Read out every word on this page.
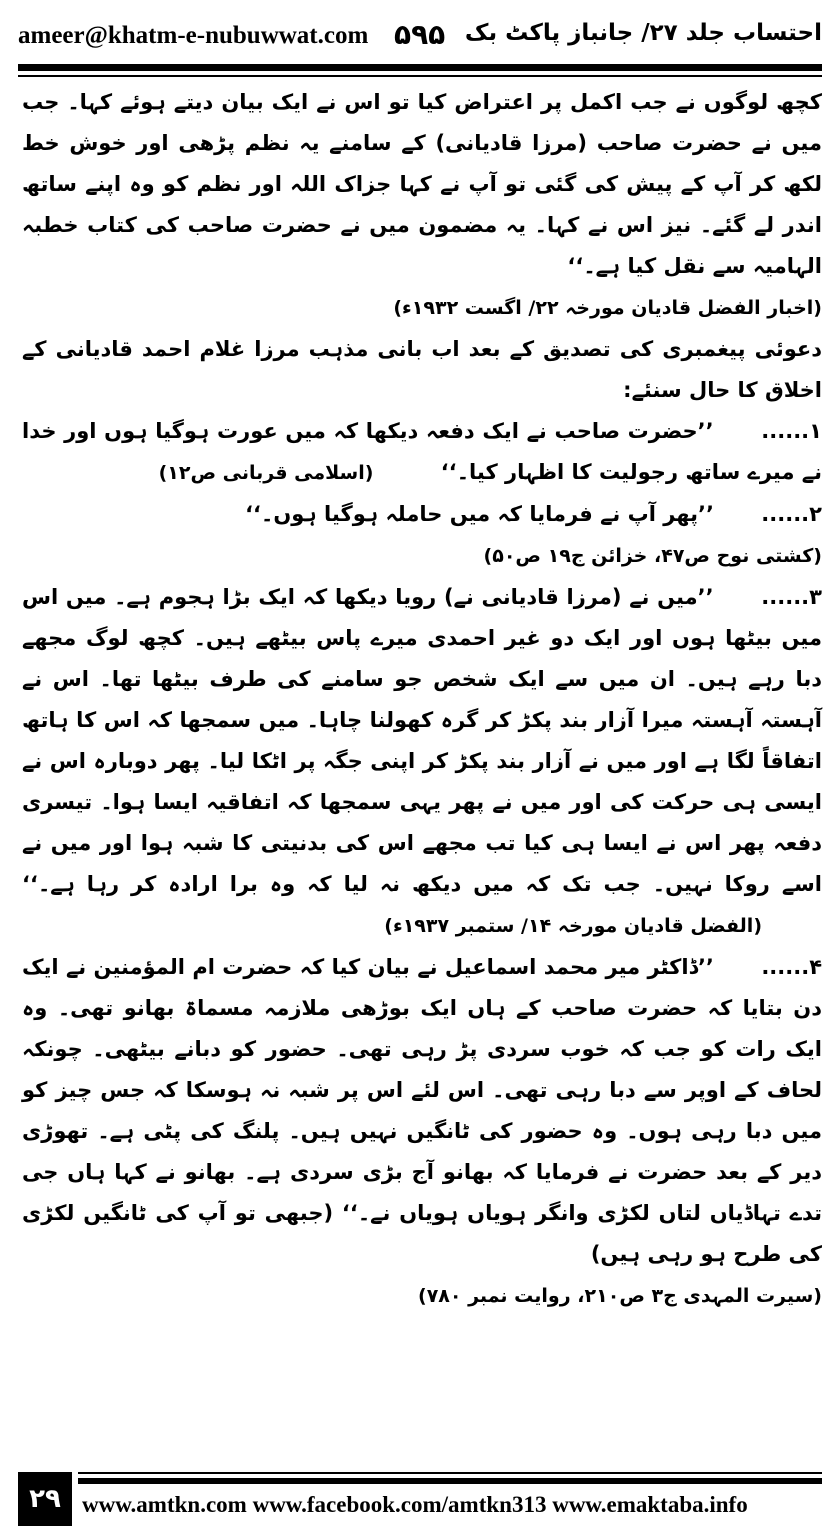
ameer@khatm-e-nubuwwat.com ۵۹۵ احتساب جلد ۲۷/ جانباز پاکٹ بک

کچھ لوگوں نے جب اکمل پر اعتراض کیا تو اس نے ایک بیان دیتے ہوئے کہا۔ جب میں نے حضرت صاحب (مرزا قادیانی) کے سامنے یہ نظم پڑھی اور خوش خط لکھ کر آپ کے پیش کی گئی تو آپ نے کہا جزاک اللہ اور نظم کو وہ اپنے ساتھ اندر لے گئے۔ نیز اس نے کہا۔ یہ مضمون میں نے حضرت صاحب کی کتاب خطبہ الہامیہ سے نقل کیا ہے۔‘‘

(اخبار الفضل قادیان مورخہ ۲۲/ اگست ۱۹۳۲ء)

دعوئی پیغمبری کی تصدیق کے بعد اب بانی مذہب مرزا غلام احمد قادیانی کے اخلاق کا حال سنئے:

۱...... ’’حضرت صاحب نے ایک دفعہ دیکھا کہ میں عورت ہوگیا ہوں اور خدا نے میرے ساتھ رجولیت کا اظہار کیا۔‘‘ (اسلامی قربانی ص۱۲)

۲...... ’’پھر آپ نے فرمایا کہ میں حاملہ ہوگیا ہوں۔‘‘

(کشتی نوح ص۴۷، خزائن ج۱۹ ص۵۰)

۳...... ’’میں نے (مرزا قادیانی نے) رویا دیکھا کہ ایک بڑا ہجوم ہے۔ میں اس میں بیٹھا ہوں اور ایک دو غیر احمدی میرے پاس بیٹھے ہیں۔ کچھ لوگ مجھے دبا رہے ہیں۔ ان میں سے ایک شخص جو سامنے کی طرف بیٹھا تھا۔ اس نے آہستہ آہستہ میرا آزار بند پکڑ کر گرہ کھولنا چاہا۔ میں سمجھا کہ اس کا ہاتھ اتفاقاً لگا ہے اور میں نے آزار بند پکڑ کر اپنی جگہ پر اٹکا لیا۔ پھر دوبارہ اس نے ایسی ہی حرکت کی اور میں نے پھر یہی سمجھا کہ اتفاقیہ ایسا ہوا۔ تیسری دفعہ پھر اس نے ایسا ہی کیا تب مجھے اس کی بدنیتی کا شبہ ہوا اور میں نے اسے روکا نہیں۔ جب تک کہ میں دیکھ نہ لیا کہ وہ برا ارادہ کر رہا ہے۔‘‘ (الفضل قادیان مورخہ ۱۴/ ستمبر ۱۹۳۷ء)

۴...... ’’ڈاکٹر میر محمد اسماعیل نے بیان کیا کہ حضرت ام المؤمنین نے ایک دن بتایا کہ حضرت صاحب کے ہاں ایک بوڑھی ملازمہ مسماۃ بھانو تھی۔ وہ ایک رات کو جب کہ خوب سردی پڑ رہی تھی۔ حضور کو دبانے بیٹھی۔ چونکہ لحاف کے اوپر سے دبا رہی تھی۔ اس لئے اس پر شبہ نہ ہوسکا کہ جس چیز کو میں دبا رہی ہوں۔ وہ حضور کی ٹانگیں نہیں ہیں۔ پلنگ کی پٹی ہے۔ تھوڑی دیر کے بعد حضرت نے فرمایا کہ بھانو آج بڑی سردی ہے۔ بھانو نے کہا ہاں جی تدے تہاڈیاں لتاں لکڑی وانگر ہویاں ہویاں نے۔‘‘ (جبھی تو آپ کی ٹانگیں لکڑی کی طرح ہو رہی ہیں)

(سیرت المہدی ج۳ ص۲۱۰، روایت نمبر ۷۸۰)

۲۹ www.amtkn.com www.facebook.com/amtkn313 www.emaktaba.info
